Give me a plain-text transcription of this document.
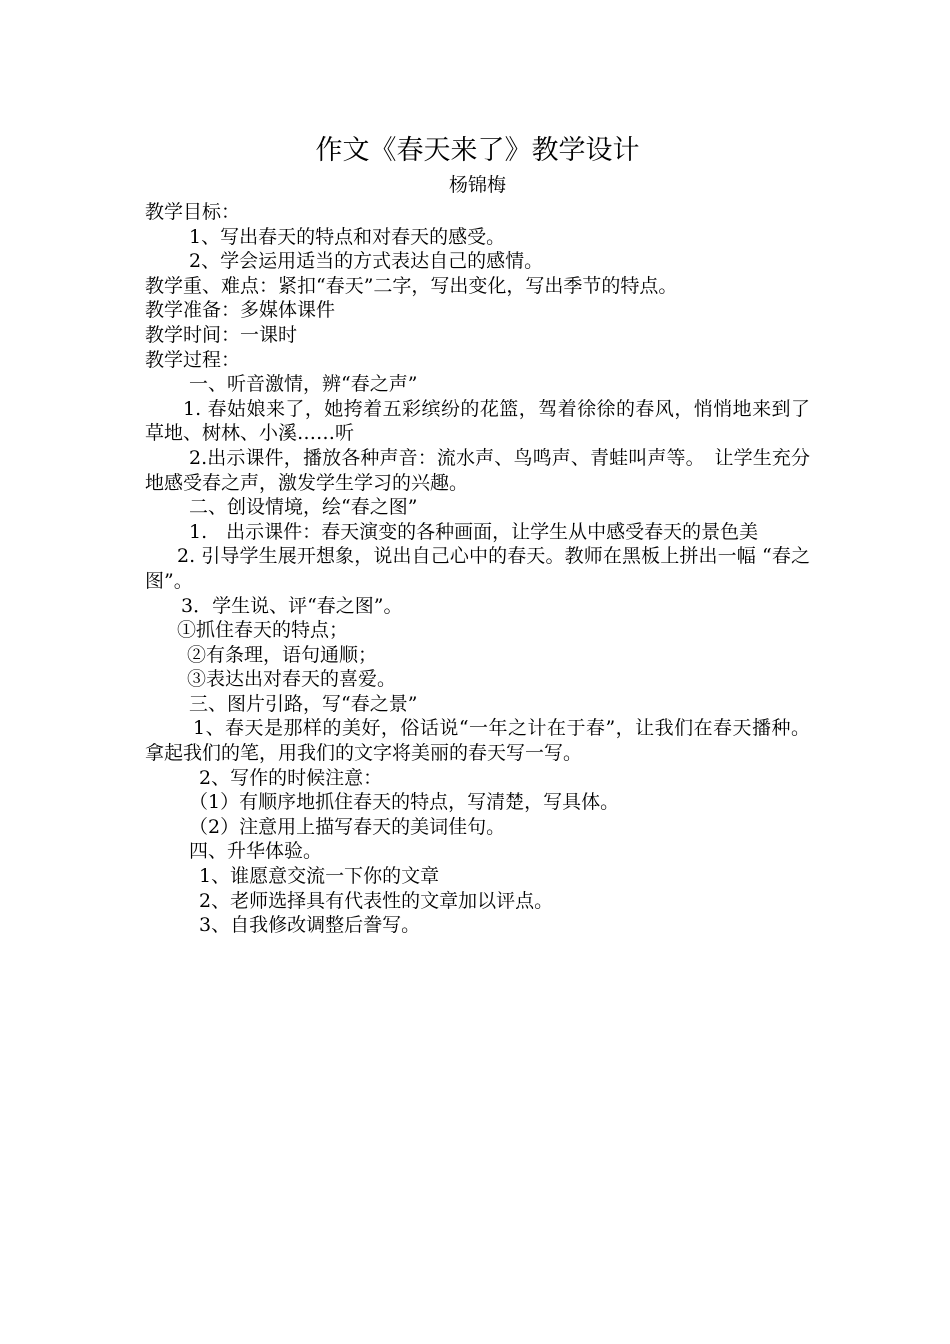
作文《春天来了》教学设计
杨锦梅
教学目标：
1、写出春天的特点和对春天的感受。
2、学会运用适当的方式表达自己的感情。
教学重、难点：紧扣“春天”二字，写出变化，写出季节的特点。
教学准备：多媒体课件
教学时间：一课时
教学过程：
一、听音激情，辨“春之声”
1. 春姑娘来了，她挎着五彩缤纷的花篮，驾着徐徐的春风，悄悄地来到了草地、树林、小溪……听
2.出示课件，播放各种声音：流水声、鸟鸣声、青蛙叫声等。　让学生充分地感受春之声，激发学生学习的兴趣。
二、创设情境，绘“春之图”
1.　出示课件：春天演变的各种画面，让学生从中感受春天的景色美
2. 引导学生展开想象，说出自己心中的春天。教师在黑板上拼出一幅 “春之图”。
3．学生说、评“春之图”。
①抓住春天的特点；
②有条理，语句通顺；
③表达出对春天的喜爱。
三、图片引路，写“春之景”
1、春天是那样的美好，俗话说“一年之计在于春”，让我们在春天播种。拿起我们的笔，用我们的文字将美丽的春天写一写。
2、写作的时候注意：
（1）有顺序地抓住春天的特点，写清楚，写具体。
（2）注意用上描写春天的美词佳句。
四、升华体验。
1、谁愿意交流一下你的文章
2、老师选择具有代表性的文章加以评点。
3、自我修改调整后誊写。
